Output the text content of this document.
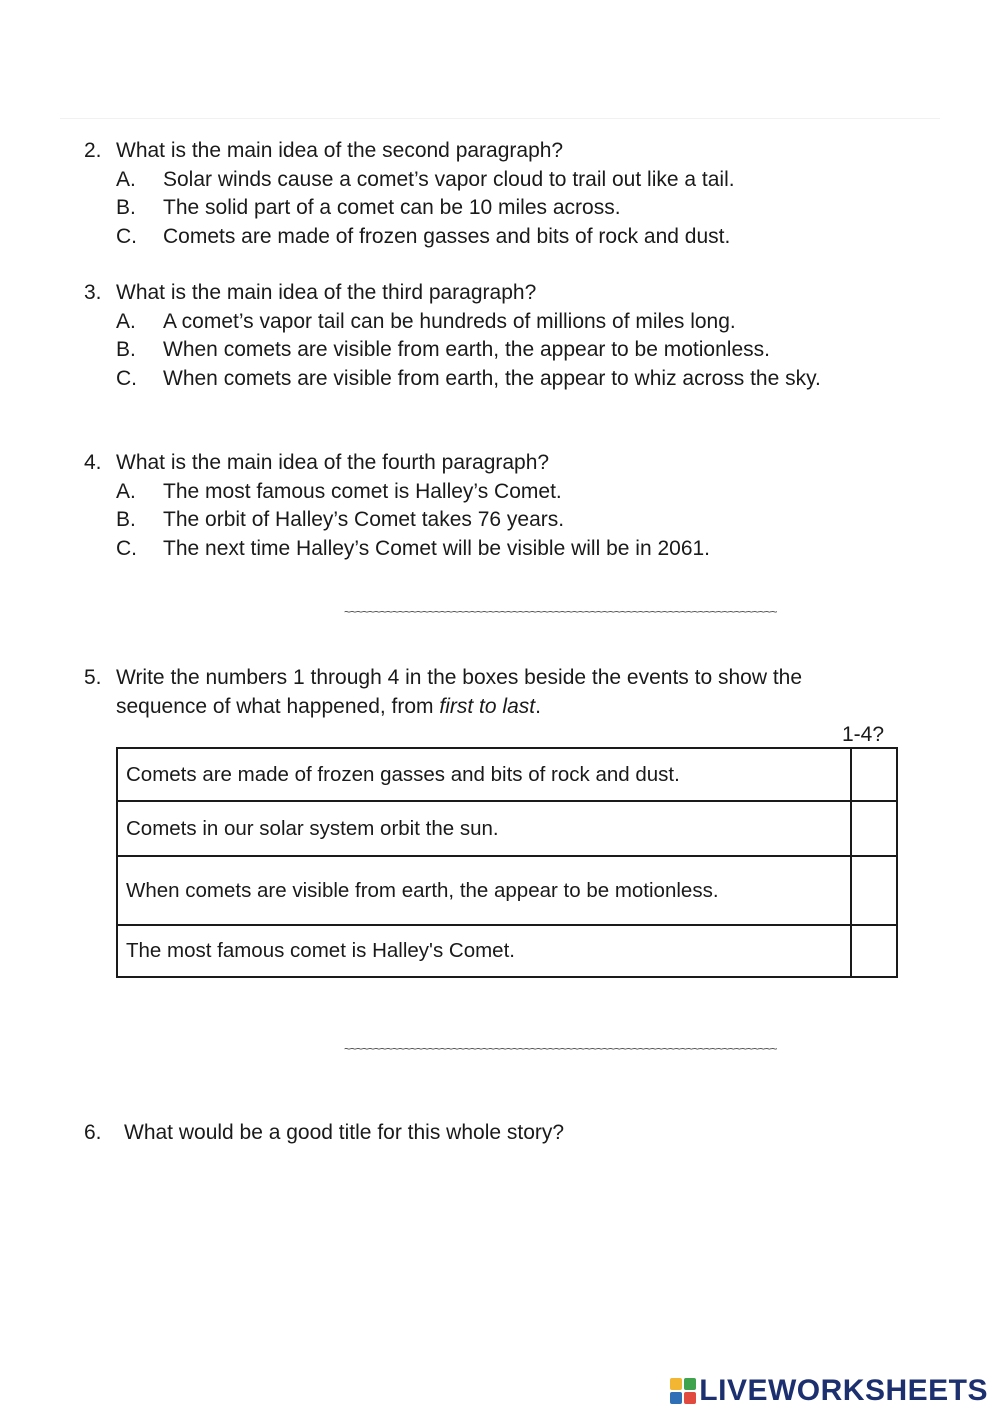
2. What is the main idea of the second paragraph?
A.	Solar winds cause a comet’s vapor cloud to trail out like a tail.
B.	The solid part of a comet can be 10 miles across.
C.	Comets are made of frozen gasses and bits of rock and dust.
3. What is the main idea of the third paragraph?
A.	A comet’s vapor tail can be hundreds of millions of miles long.
B.	When comets are visible from earth, the appear to be motionless.
C.	When comets are visible from earth, the appear to whiz across the sky.
4. What is the main idea of the fourth paragraph?
A.	The most famous comet is Halley’s Comet.
B.	The orbit of Halley’s Comet takes 76 years.
C.	The next time Halley’s Comet will be visible will be in 2061.
~~~~~~~~~~~~~~~~~~~~~~~~~~~~~~~~~~~~~~~~~~~~~~~~~~~~~~~~~~~~~~~~~~~~~~~~
5. Write the numbers 1 through 4 in the boxes beside the events to show the sequence of what happened, from first to last.
1-4?
Comets are made of frozen gasses and bits of rock and dust.	
Comets in our solar system orbit the sun.	
When comets are visible from earth, the appear to be motionless.	
The most famous comet is Halley's Comet.	
~~~~~~~~~~~~~~~~~~~~~~~~~~~~~~~~~~~~~~~~~~~~~~~~~~~~~~~~~~~~~~~~~~~~~~~~
6.	What would be a good title for this whole story?
LIVEWORKSHEETS
